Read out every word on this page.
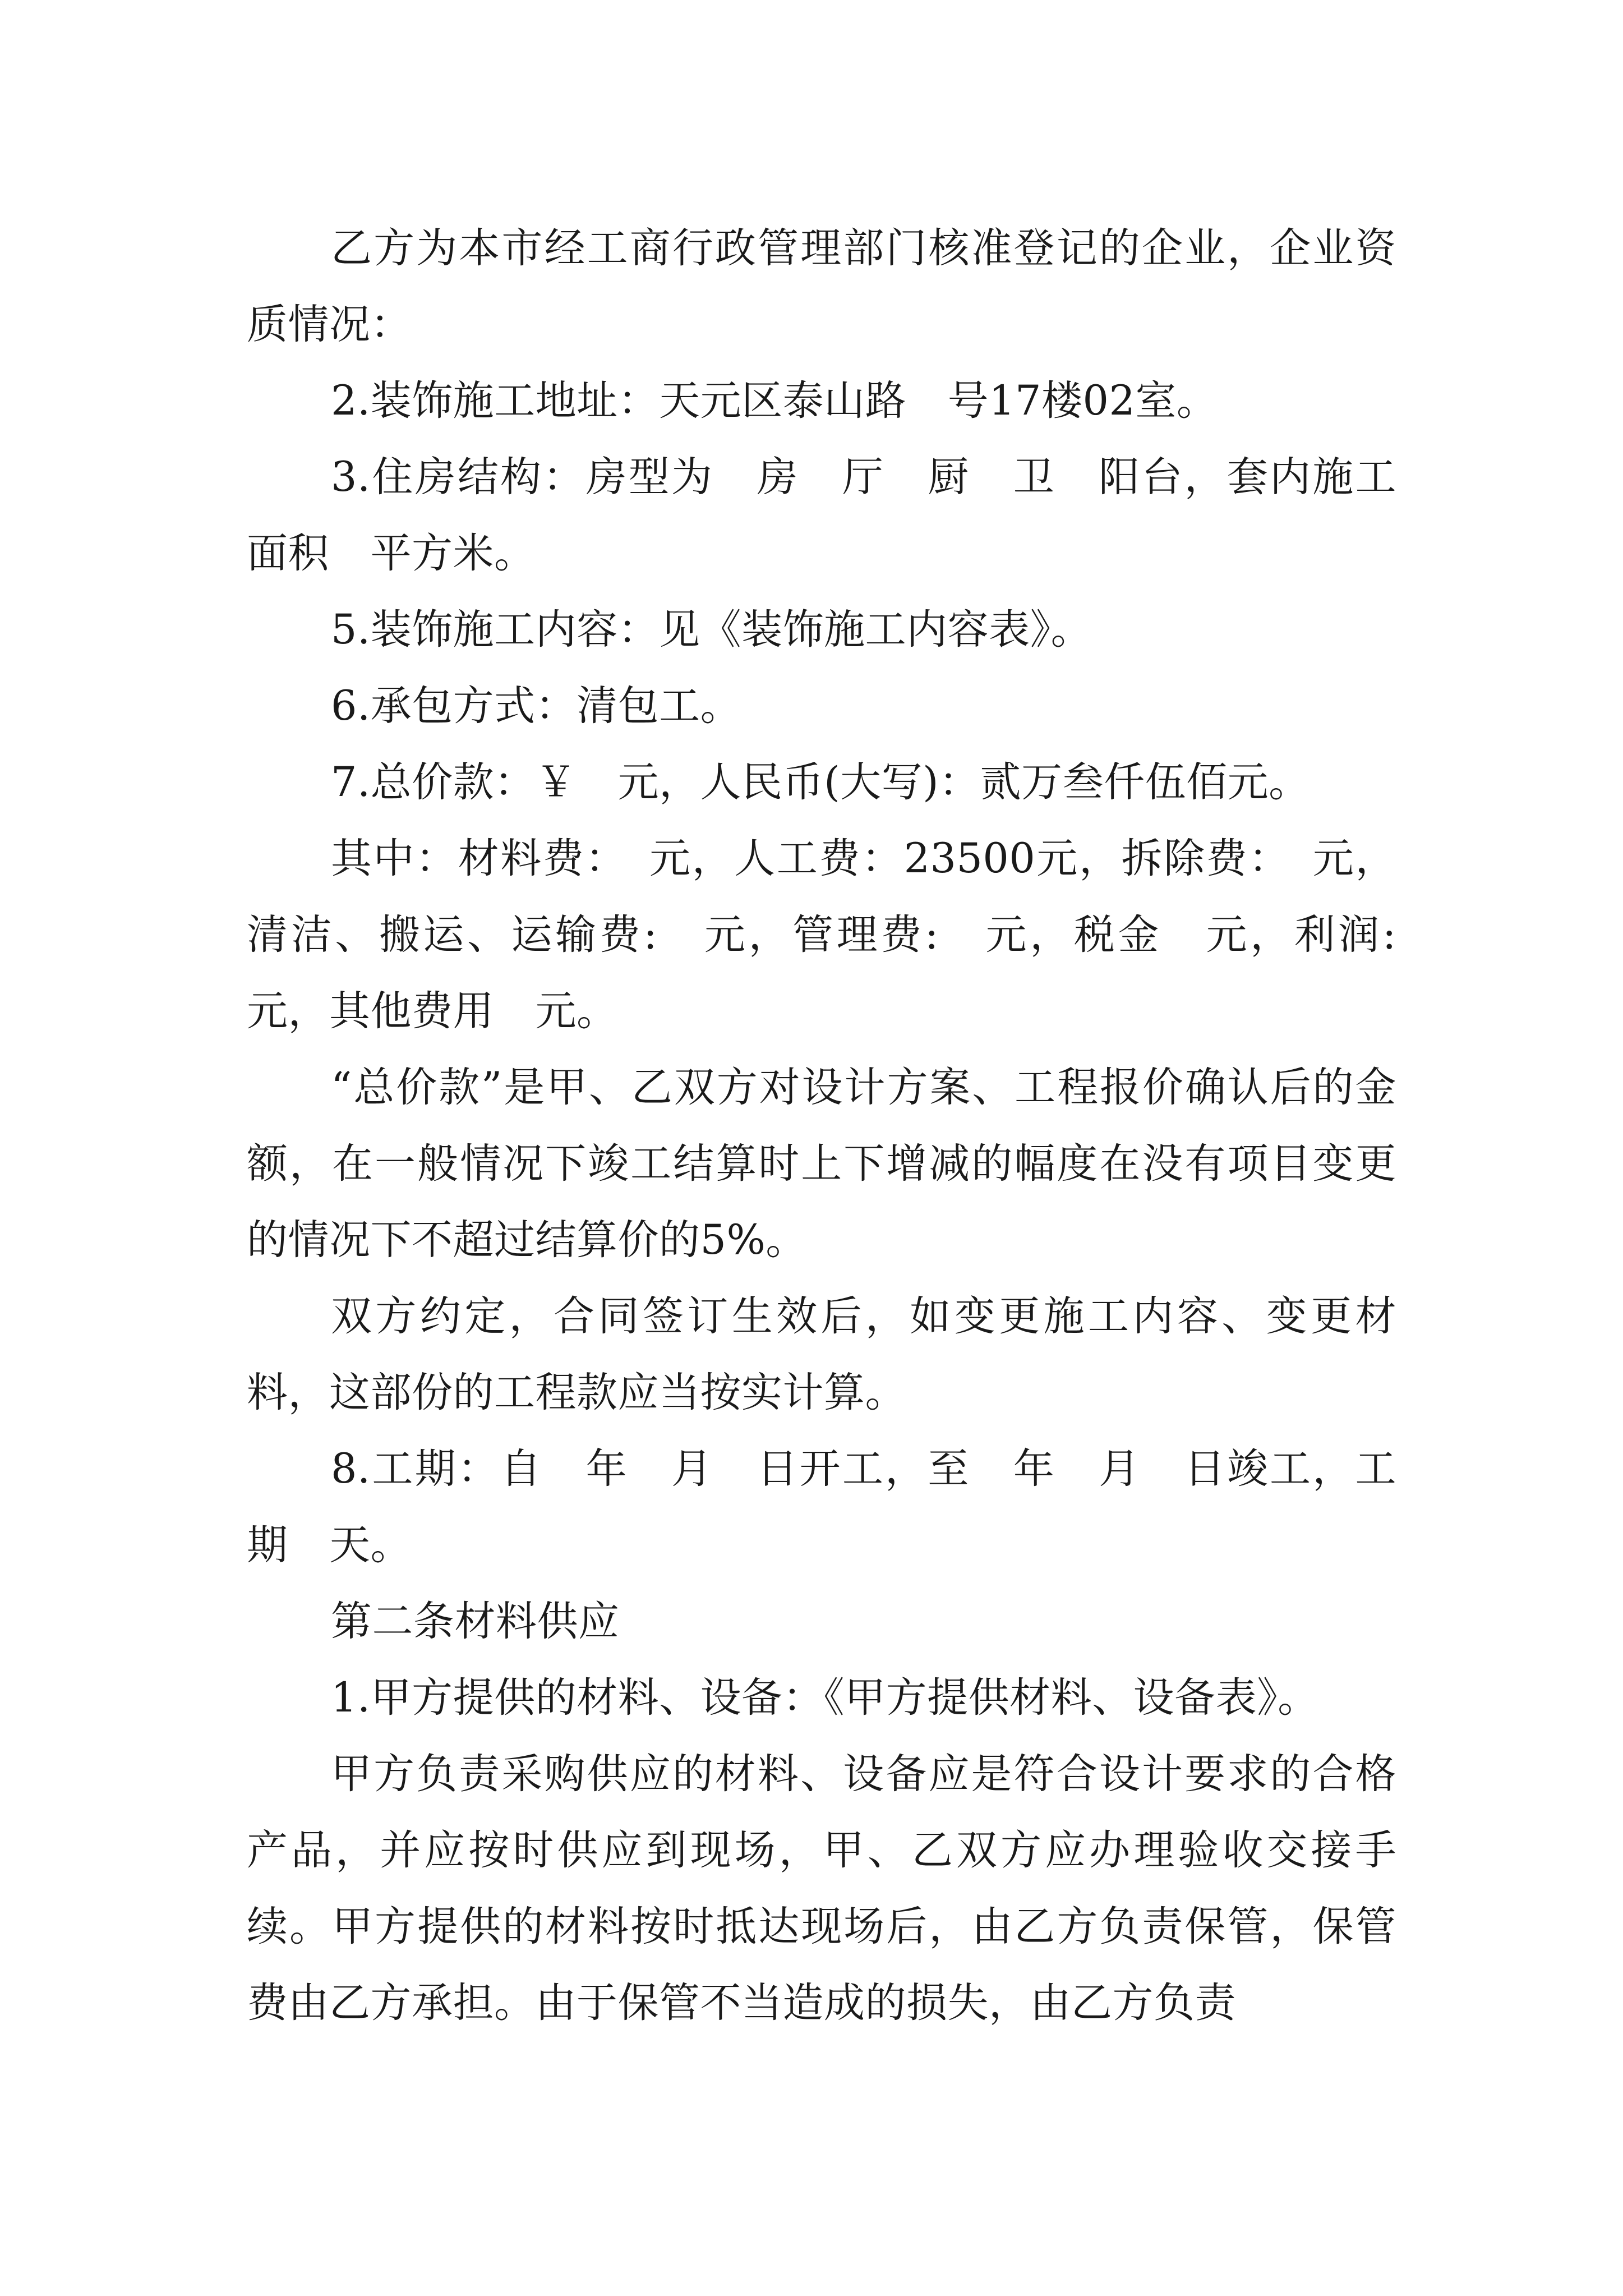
乙方为本市经工商行政管理部门核准登记的企业，企业资质情况：

2.装饰施工地址：天元区泰山路　号17楼02室。

3.住房结构：房型为　房　厅　厨　卫　阳台，套内施工面积　平方米。

5.装饰施工内容：见《装饰施工内容表》。

6.承包方式：清包工。

7.总价款：￥　元，人民币(大写)：贰万叁仟伍佰元。

其中：材料费：　元，人工费：23500元，拆除费：　元，清洁、搬运、运输费:　元，管理费:　元，税金　元，利润:　元，其他费用　元。

“总价款”是甲、乙双方对设计方案、工程报价确认后的金额，在一般情况下竣工结算时上下增减的幅度在没有项目变更的情况下不超过结算价的5%。

双方约定，合同签订生效后，如变更施工内容、变更材料，这部份的工程款应当按实计算。

8.工期：自　年　月　日开工，至　年　月　日竣工，工期　天。

第二条材料供应

1.甲方提供的材料、设备：《甲方提供材料、设备表》。

甲方负责采购供应的材料、设备应是符合设计要求的合格产品，并应按时供应到现场，甲、乙双方应办理验收交接手续。甲方提供的材料按时抵达现场后，由乙方负责保管，保管费由乙方承担。由于保管不当造成的损失，由乙方负责
